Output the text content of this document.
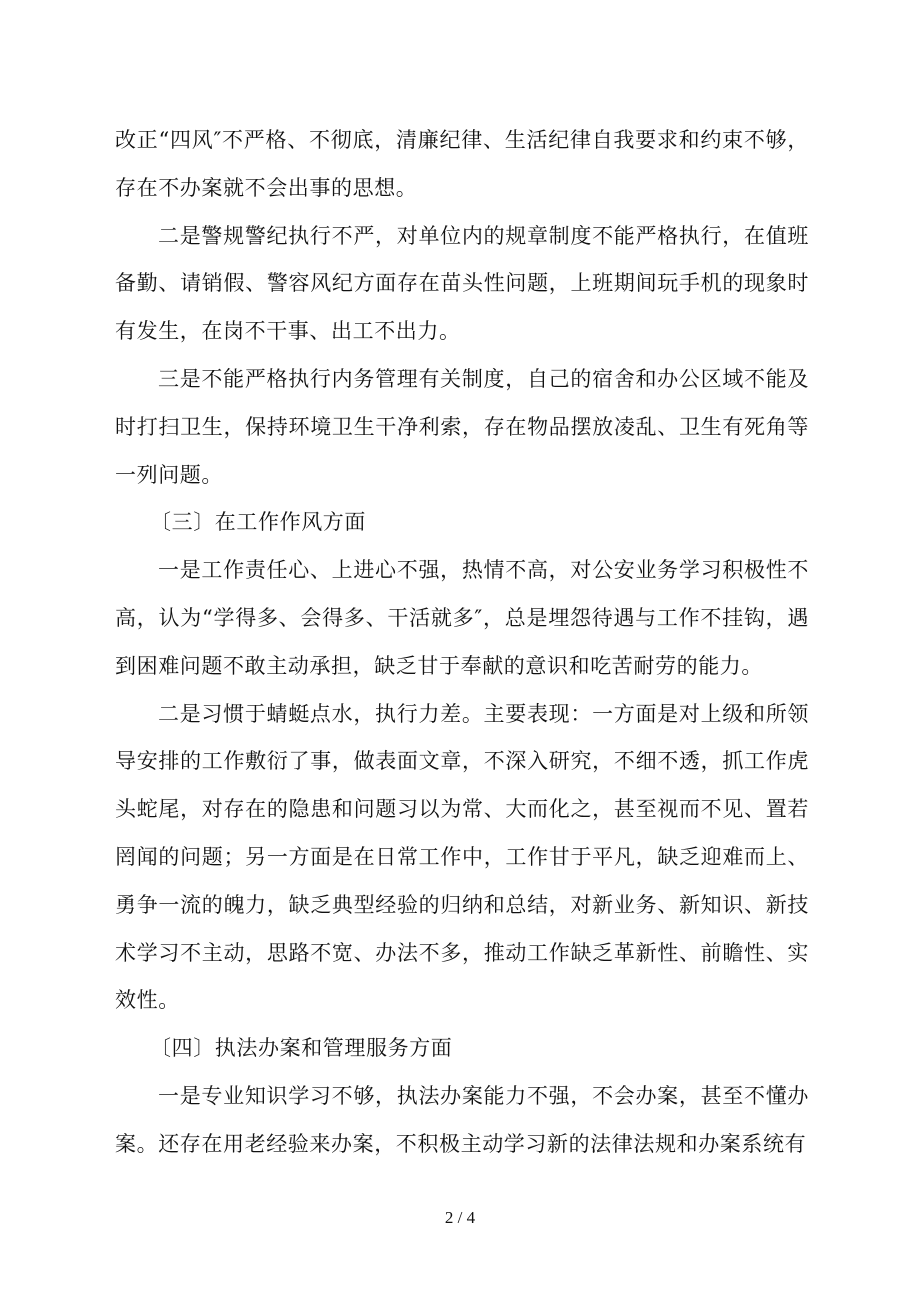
改正“四风″不严格、不彻底，清廉纪律、生活纪律自我要求和约束不够，存在不办案就不会出事的思想。

二是警规警纪执行不严，对单位内的规章制度不能严格执行，在值班备勤、请销假、警容风纪方面存在苗头性问题，上班期间玩手机的现象时有发生，在岗不干事、出工不出力。

三是不能严格执行内务管理有关制度，自己的宿舍和办公区域不能及时打扫卫生，保持环境卫生干净利索，存在物品摆放凌乱、卫生有死角等一列问题。

〔三〕在工作作风方面

一是工作责任心、上进心不强，热情不高，对公安业务学习积极性不高，认为“学得多、会得多、干活就多″，总是埋怨待遇与工作不挂钩，遇到困难问题不敢主动承担，缺乏甘于奉献的意识和吃苦耐劳的能力。

二是习惯于蜻蜓点水，执行力差。主要表现：一方面是对上级和所领导安排的工作敷衍了事，做表面文章，不深入研究，不细不透，抓工作虎头蛇尾，对存在的隐患和问题习以为常、大而化之，甚至视而不见、置若罔闻的问题；另一方面是在日常工作中，工作甘于平凡，缺乏迎难而上、勇争一流的魄力，缺乏典型经验的归纳和总结，对新业务、新知识、新技术学习不主动，思路不宽、办法不多，推动工作缺乏革新性、前瞻性、实效性。

〔四〕执法办案和管理服务方面

一是专业知识学习不够，执法办案能力不强，不会办案，甚至不懂办案。还存在用老经验来办案，不积极主动学习新的法律法规和办案系统有

2 / 4
